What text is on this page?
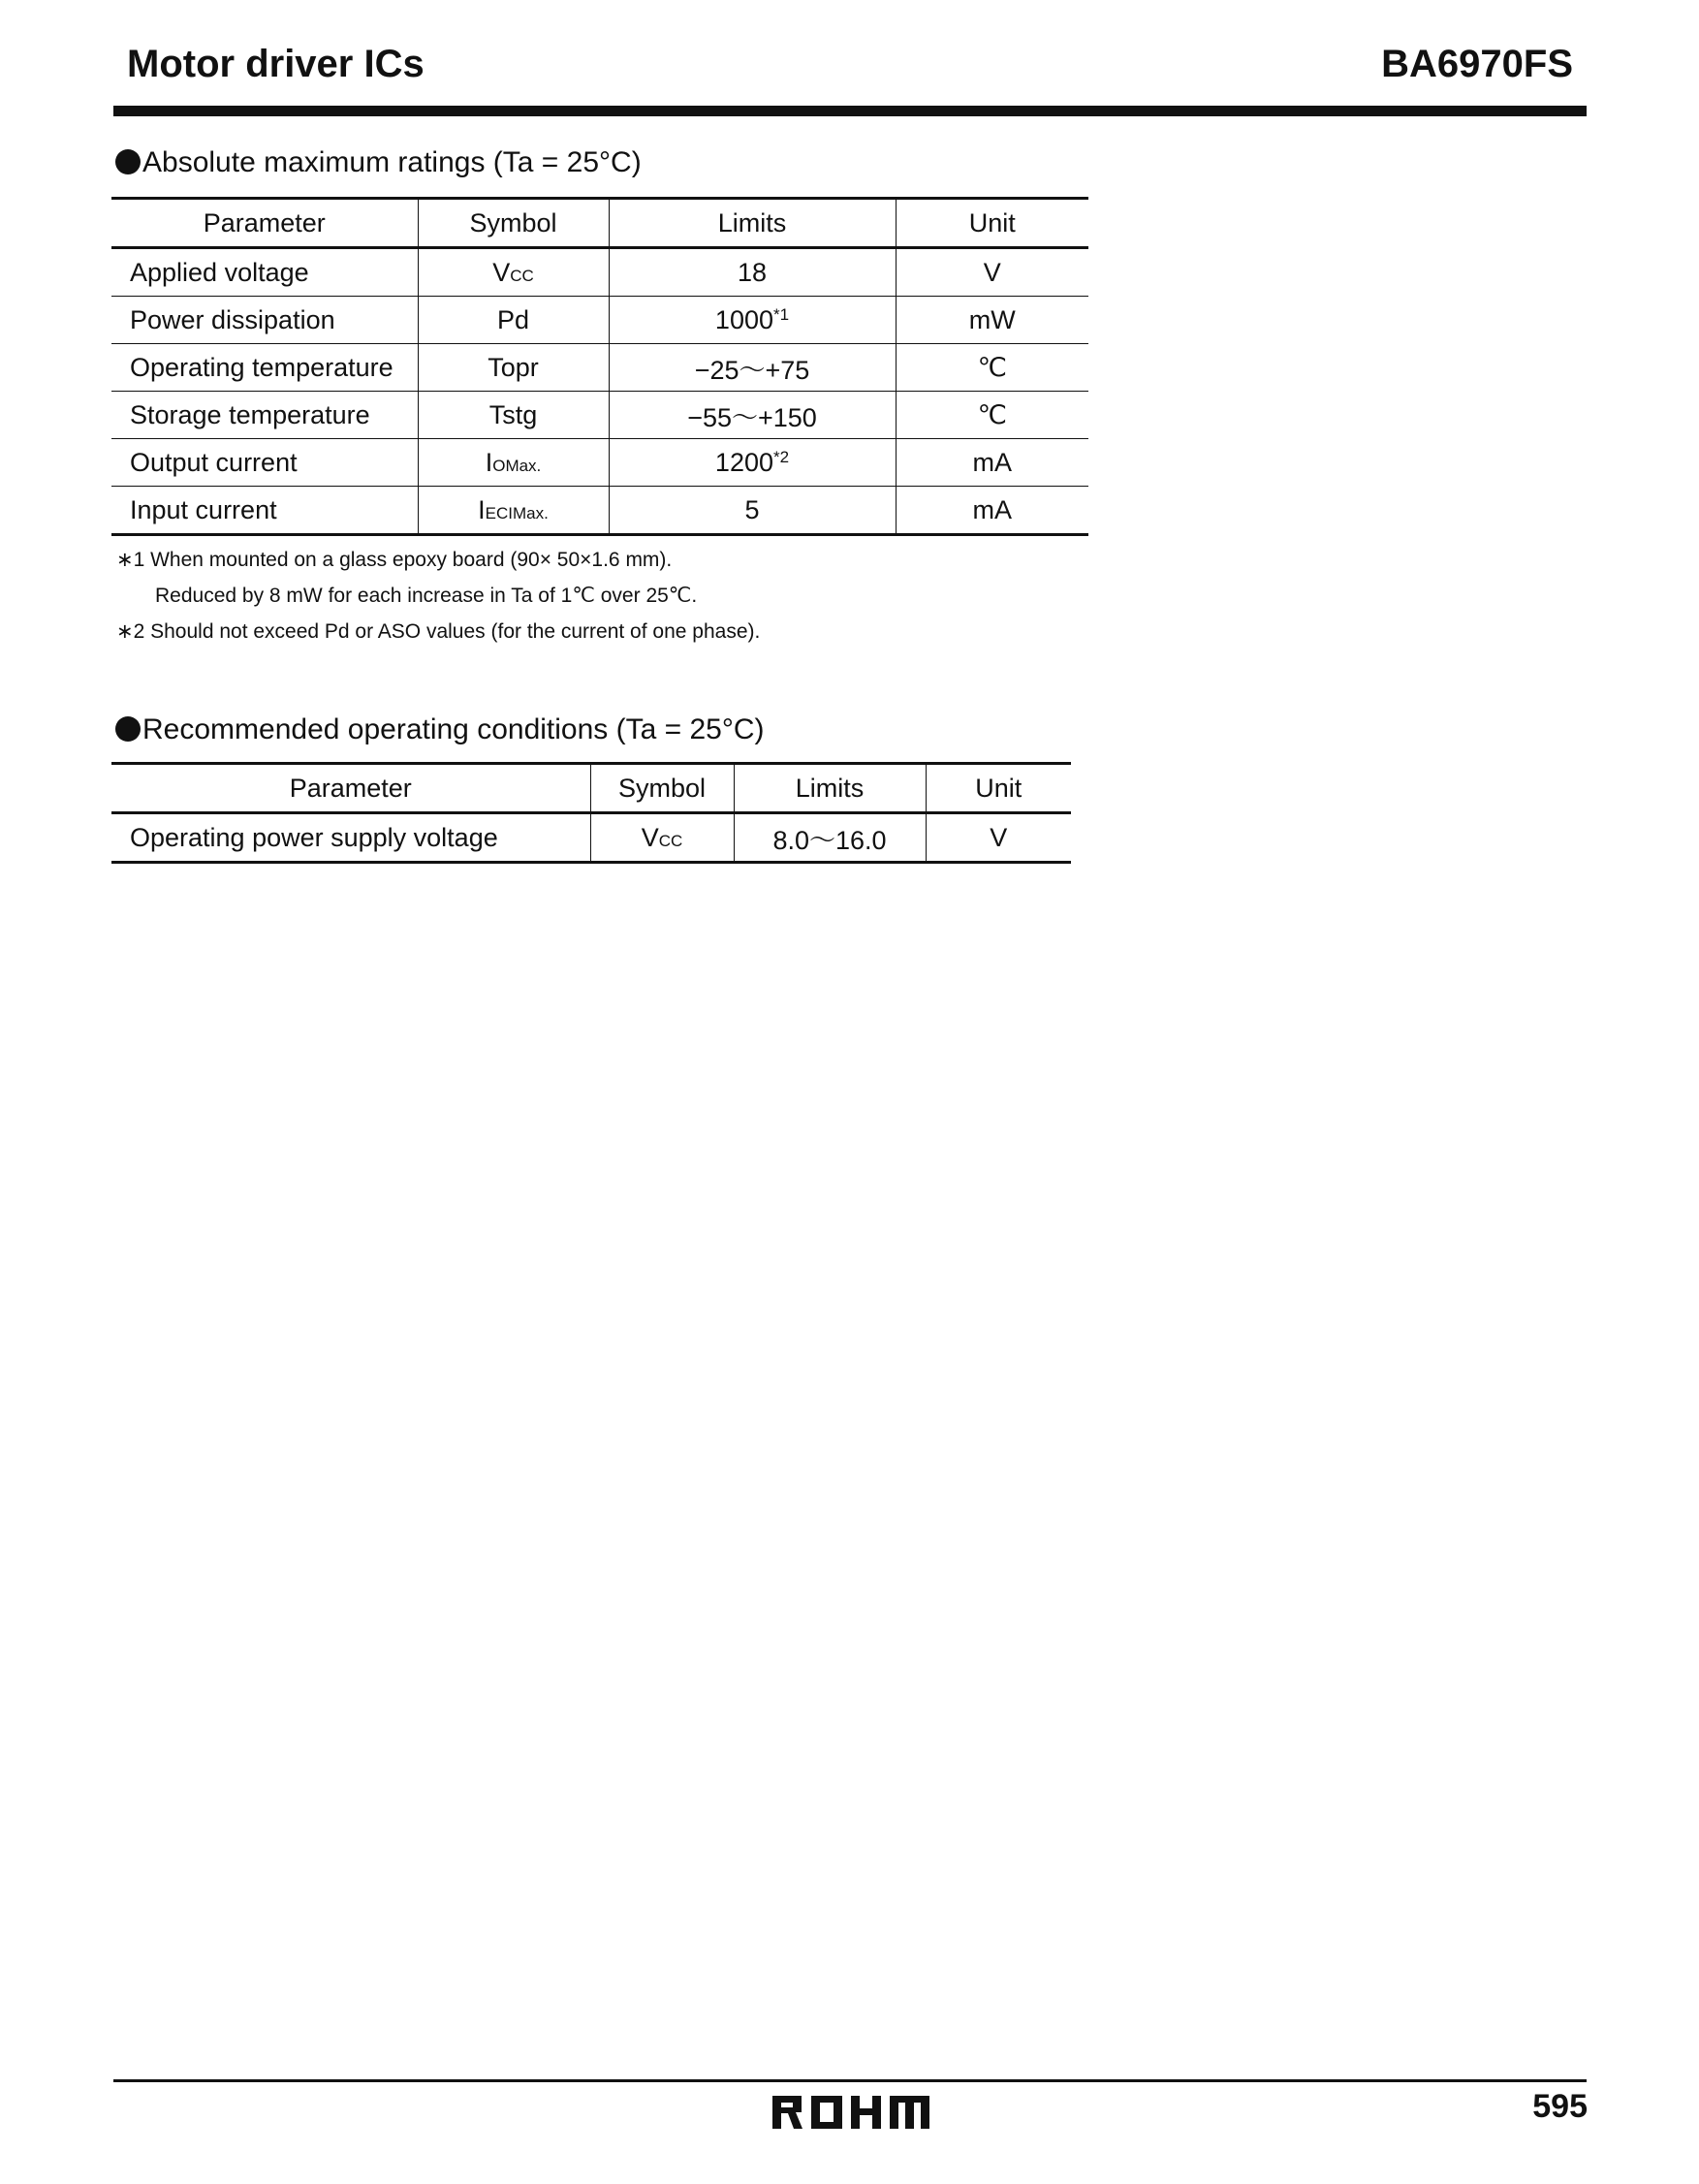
Motor driver ICs	BA6970FS
Absolute maximum ratings (Ta = 25°C)
Parameter	Symbol	Limits	Unit
Applied voltage	VCC	18	V
Power dissipation	Pd	1000$^{*1}$	mW
Operating temperature	Topr	−25〜+75	℃
Storage temperature	Tstg	−55〜+150	℃
Output current	IOMax.	1200$^{*2}$	mA
Input current	IECIMax.	5	mA
∗1 When mounted on a glass epoxy board (90× 50×1.6 mm).
Reduced by 8 mW for each increase in Ta of 1℃ over 25℃.
∗2 Should not exceed Pd or ASO values (for the current of one phase).
Recommended operating conditions (Ta = 25°C)
Parameter	Symbol	Limits	Unit
Operating power supply voltage	VCC	8.0〜16.0	V
595
